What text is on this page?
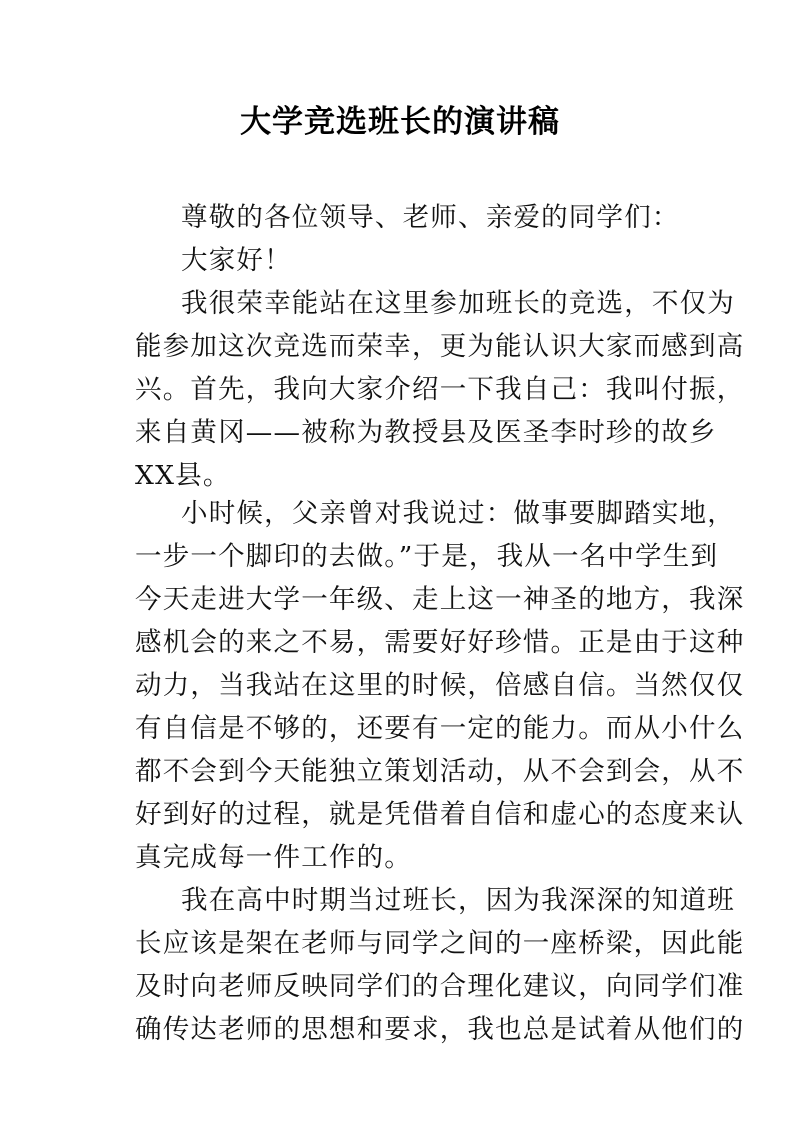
大学竞选班长的演讲稿
尊敬的各位领导、老师、亲爱的同学们：
大家好！
我很荣幸能站在这里参加班长的竞选，不仅为
能参加这次竞选而荣幸，更为能认识大家而感到高
兴。首先，我向大家介绍一下我自己：我叫付振，
来自黄冈——被称为教授县及医圣李时珍的故乡
XX县。
小时候，父亲曾对我说过：做事要脚踏实地，
一步一个脚印的去做。”于是，我从一名中学生到
今天走进大学一年级、走上这一神圣的地方，我深
感机会的来之不易，需要好好珍惜。正是由于这种
动力，当我站在这里的时候，倍感自信。当然仅仅
有自信是不够的，还要有一定的能力。而从小什么
都不会到今天能独立策划活动，从不会到会，从不
好到好的过程，就是凭借着自信和虚心的态度来认
真完成每一件工作的。
我在高中时期当过班长，因为我深深的知道班
长应该是架在老师与同学之间的一座桥梁，因此能
及时向老师反映同学们的合理化建议，向同学们准
确传达老师的思想和要求，我也总是试着从他们的
